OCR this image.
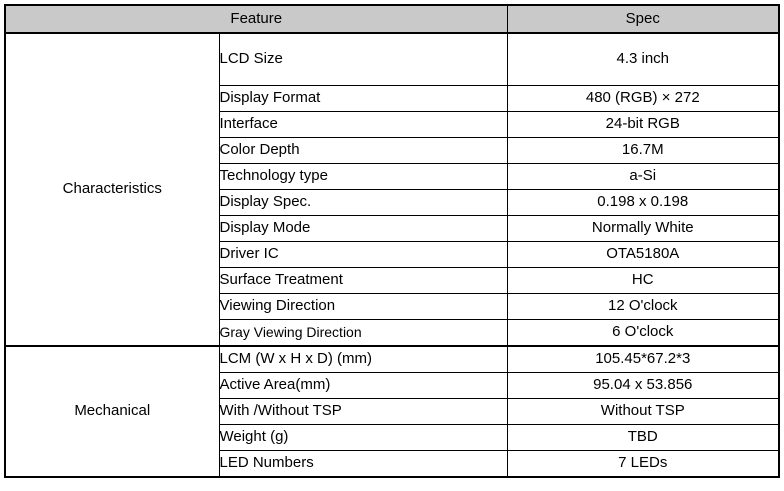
Feature		Spec
Characteristics	LCD Size	4.3 inch
	Display Format	480 (RGB) × 272
	Interface	24-bit RGB
	Color Depth	16.7M
	Technology type	a-Si
	Display Spec.	0.198 x 0.198
	Display Mode	Normally White
	Driver IC	OTA5180A
	Surface Treatment	HC
	Viewing Direction	12 O'clock
	Gray Viewing Direction	6 O'clock
Mechanical	LCM (W x H x D) (mm)	105.45*67.2*3
	Active Area(mm)	95.04 x 53.856
	With /Without TSP	Without TSP
	Weight (g)	TBD
	LED Numbers	7 LEDs
